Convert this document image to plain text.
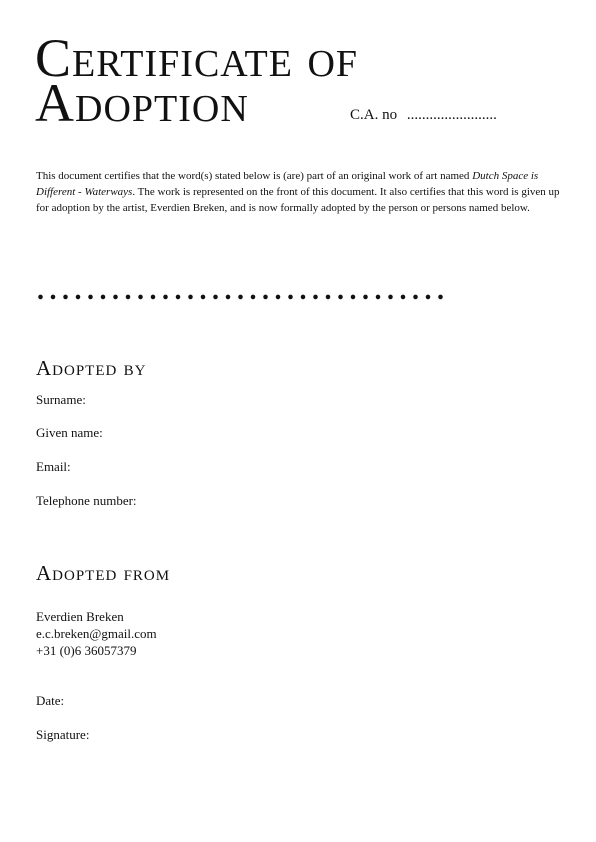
Certificate of
Adoption	C.A. no ........................

This document certifies that the word(s) stated below is (are) part of an original work of art named Dutch Space is Different - Waterways. The work is represented on the front of this document. It also certifies that this word is given up for adoption by the artist, Everdien Breken, and is now formally adopted by the person or persons named below.

.................................
Adopted by
Surname:
Given name:
Email:
Telephone number:
Adopted from
Everdien Breken
e.c.breken@gmail.com
+31 (0)6 36057379
Date:
Signature:
